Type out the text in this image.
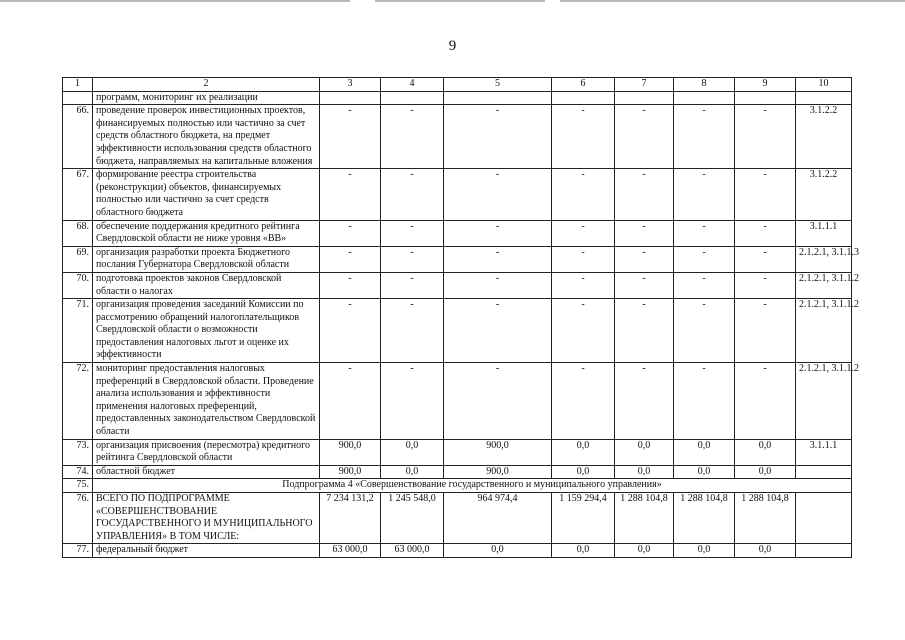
9
1	2	3	4	5	6	7	8	9	10
	программ, мониторинг их реализации								
66.	проведение проверок инвестиционных проектов, финансируемых полностью или частично за счет средств областного бюджета, на предмет эффективности использования средств областного бюджета, направляемых на капитальные вложения	-	-	-	-	-	-	-	3.1.2.2
67.	формирование реестра строительства (реконструкции) объектов, финансируемых полностью или частично за счет средств областного бюджета	-	-	-	-	-	-	-	3.1.2.2
68.	обеспечение поддержания кредитного рейтинга Свердловской области не ниже уровня «ВВ»	-	-	-	-	-	-	-	3.1.1.1
69.	организация разработки проекта Бюджетного послания Губернатора Свердловской области	-	-	-	-	-	-	-	2.1.2.1, 3.1.1.3
70.	подготовка проектов законов Свердловской области о налогах	-	-	-	-	-	-	-	2.1.2.1, 3.1.1.2
71.	организация проведения заседаний Комиссии по рассмотрению обращений налогоплательщиков Свердловской области о возможности предоставления налоговых льгот и оценке их эффективности	-	-	-	-	-	-	-	2.1.2.1, 3.1.1.2
72.	мониторинг предоставления налоговых преференций в Свердловской области. Проведение анализа использования и эффективности применения налоговых преференций, предоставленных законодательством Свердловской области	-	-	-	-	-	-	-	2.1.2.1, 3.1.1.2
73.	организация присвоения (пересмотра) кредитного рейтинга Свердловской области	900,0	0,0	900,0	0,0	0,0	0,0	0,0	3.1.1.1
74.	областной бюджет	900,0	0,0	900,0	0,0	0,0	0,0	0,0	
75.	Подпрограмма 4 «Совершенствование государственного и муниципального управления»								
76.	ВСЕГО ПО ПОДПРОГРАММЕ «СОВЕРШЕНСТВОВАНИЕ ГОСУДАРСТВЕННОГО И МУНИЦИПАЛЬНОГО УПРАВЛЕНИЯ» В ТОМ ЧИСЛЕ:	7 234 131,2	1 245 548,0	964 974,4	1 159 294,4	1 288 104,8	1 288 104,8	1 288 104,8	
77.	федеральный бюджет	63 000,0	63 000,0	0,0	0,0	0,0	0,0	0,0	
